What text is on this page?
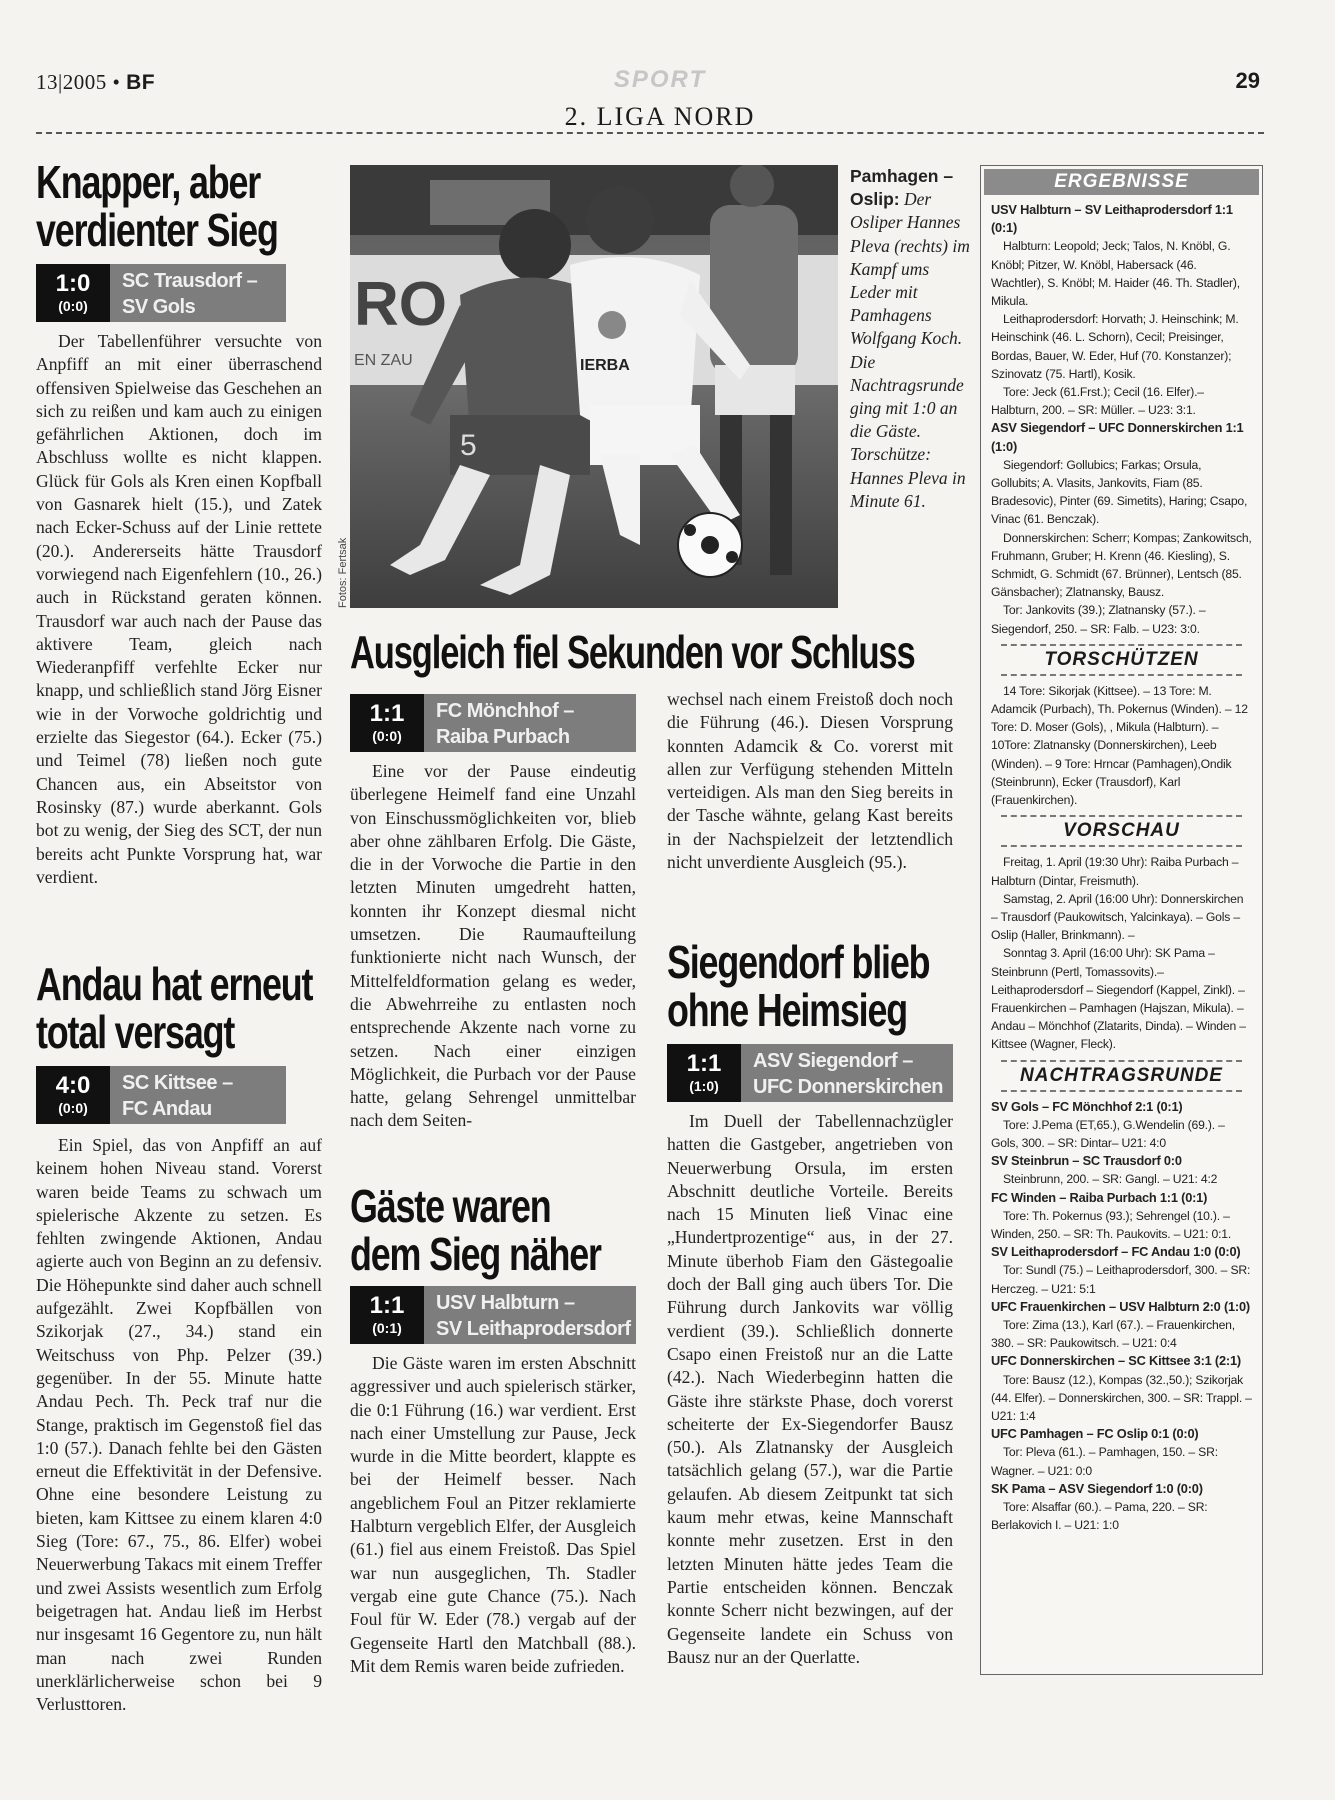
13|2005 • BF	SPORT	29
2. LIGA NORD
Knapper, aber
verdienter Sieg
1:0
(0:0)
SC Trausdorf –
SV Gols

Der Tabellenführer versuchte von Anpfiff an mit einer überraschend offensiven Spielweise das Geschehen an sich zu reißen und kam auch zu einigen gefährlichen Aktionen, doch im Abschluss wollte es nicht klappen. Glück für Gols als Kren einen Kopfball von Gasnarek hielt (15.), und Zatek nach Ecker-Schuss auf der Linie rettete (20.). Andererseits hätte Trausdorf vorwiegend nach Eigenfehlern (10., 26.) auch in Rückstand geraten können. Trausdorf war auch nach der Pause das aktivere Team, gleich nach Wiederanpfiff verfehlte Ecker nur knapp, und schließlich stand Jörg Eisner wie in der Vorwoche goldrichtig und erzielte das Siegestor (64.). Ecker (75.) und Teimel (78) ließen noch gute Chancen aus, ein Abseitstor von Rosinsky (87.) wurde aberkannt. Gols bot zu wenig, der Sieg des SCT, der nun bereits acht Punkte Vorsprung hat, war verdient.

Andau hat erneut
total versagt
4:0
(0:0)
SC Kittsee –
FC Andau

Ein Spiel, das von Anpfiff an auf keinem hohen Niveau stand. Vorerst waren beide Teams zu schwach um spielerische Akzente zu setzen. Es fehlten zwingende Aktionen, Andau agierte auch von Beginn an zu defensiv. Die Höhepunkte sind daher auch schnell aufgezählt. Zwei Kopfbällen von Szikorjak (27., 34.) stand ein Weitschuss von Php. Pelzer (39.) gegenüber. In der 55. Minute hatte Andau Pech. Th. Peck traf nur die Stange, praktisch im Gegenstoß fiel das 1:0 (57.). Danach fehlte bei den Gästen erneut die Effektivität in der Defensive. Ohne eine besondere Leistung zu bieten, kam Kittsee zu einem klaren 4:0 Sieg (Tore: 67., 75., 86. Elfer) wobei Neuerwerbung Takacs mit einem Treffer und zwei Assists wesentlich zum Erfolg beigetragen hat. Andau ließ im Herbst nur insgesamt 16 Gegentore zu, nun hält man nach zwei Runden unerklärlicherweise schon bei 9 Verlusttoren.

RO
EN ZAU
5
IERBA
Fotos: Fertsak
Pamhagen – Oslip: Der Osliper Hannes Pleva (rechts) im Kampf ums Leder mit Pamhagens Wolfgang Koch. Die Nachtragsrunde ging mit 1:0 an die Gäste. Torschütze: Hannes Pleva in Minute 61.
Ausgleich fiel Sekunden vor Schluss
1:1
(0:0)
FC Mönchhof –
Raiba Purbach

Eine vor der Pause eindeutig überlegene Heimelf fand eine Unzahl von Einschussmöglichkeiten vor, blieb aber ohne zählbaren Erfolg. Die Gäste, die in der Vorwoche die Partie in den letzten Minuten umgedreht hatten, konnten ihr Konzept diesmal nicht umsetzen. Die Raumaufteilung funktionierte nicht nach Wunsch, der Mittelfeldformation gelang es weder, die Abwehrreihe zu entlasten noch entsprechende Akzente nach vorne zu setzen. Nach einer einzigen Möglichkeit, die Purbach vor der Pause hatte, gelang Sehrengel unmittelbar nach dem Seiten-

wechsel nach einem Freistoß doch noch die Führung (46.). Diesen Vorsprung konnten Adamcik & Co. vorerst mit allen zur Verfügung stehenden Mitteln verteidigen. Als man den Sieg bereits in der Tasche wähnte, gelang Kast bereits in der Nachspielzeit der letztendlich nicht unverdiente Ausgleich (95.).

Gäste waren
dem Sieg näher
1:1
(0:1)
USV Halbturn –
SV Leithaprodersdorf

Die Gäste waren im ersten Abschnitt aggressiver und auch spielerisch stärker, die 0:1 Führung (16.) war verdient. Erst nach einer Umstellung zur Pause, Jeck wurde in die Mitte beordert, klappte es bei der Heimelf besser. Nach angeblichem Foul an Pitzer reklamierte Halbturn vergeblich Elfer, der Ausgleich (61.) fiel aus einem Freistoß. Das Spiel war nun ausgeglichen, Th. Stadler vergab eine gute Chance (75.). Nach Foul für W. Eder (78.) vergab auf der Gegenseite Hartl den Matchball (88.). Mit dem Remis waren beide zufrieden.

Siegendorf blieb
ohne Heimsieg
1:1
(1:0)
ASV Siegendorf –
UFC Donnerskirchen

Im Duell der Tabellennachzügler hatten die Gastgeber, angetrieben von Neuerwerbung Orsula, im ersten Abschnitt deutliche Vorteile. Bereits nach 15 Minuten ließ Vinac eine „Hundertprozentige“ aus, in der 27. Minute überhob Fiam den Gästegoalie doch der Ball ging auch übers Tor. Die Führung durch Jankovits war völlig verdient (39.). Schließlich donnerte Csapo einen Freistoß nur an die Latte (42.). Nach Wiederbeginn hatten die Gäste ihre stärkste Phase, doch vorerst scheiterte der Ex-Siegendorfer Bausz (50.). Als Zlatnansky der Ausgleich tatsächlich gelang (57.), war die Partie gelaufen. Ab diesem Zeitpunkt tat sich kaum mehr etwas, keine Mannschaft konnte mehr zusetzen. Erst in den letzten Minuten hätte jedes Team die Partie entscheiden können. Benczak konnte Scherr nicht bezwingen, auf der Gegenseite landete ein Schuss von Bausz nur an der Querlatte.

ERGEBNISSE
USV Halbturn – SV Leithaprodersdorf 1:1 (0:1)

Halbturn: Leopold; Jeck; Talos, N. Knöbl, G. Knöbl; Pitzer, W. Knöbl, Habersack (46. Wachtler), S. Knöbl; M. Haider (46. Th. Stadler), Mikula.

Leithaprodersdorf: Horvath; J. Heinschink; M. Heinschink (46. L. Schorn), Cecil; Preisinger, Bordas, Bauer, W. Eder, Huf (70. Konstanzer); Szinovatz (75. Hartl), Kosik.

Tore: Jeck (61.Frst.); Cecil (16. Elfer).– Halbturn, 200. – SR: Müller. – U23: 3:1.

ASV Siegendorf – UFC Donnerskirchen 1:1 (1:0)

Siegendorf: Gollubics; Farkas; Orsula, Gollubits; A. Vlasits, Jankovits, Fiam (85. Bradesovic), Pinter (69. Simetits), Haring; Csapo, Vinac (61. Benczak).

Donnerskirchen: Scherr; Kompas; Zankowitsch, Fruhmann, Gruber; H. Krenn (46. Kiesling), S. Schmidt, G. Schmidt (67. Brünner), Lentsch (85. Gänsbacher); Zlatnansky, Bausz.

Tor: Jankovits (39.); Zlatnansky (57.). – Siegendorf, 250. – SR: Falb. – U23: 3:0.

TORSCHÜTZEN

14 Tore: Sikorjak (Kittsee). – 13 Tore: M. Adamcik (Purbach), Th. Pokernus (Winden). – 12 Tore: D. Moser (Gols), , Mikula (Halbturn). – 10Tore: Zlatnansky (Donnerskirchen), Leeb (Winden). – 9 Tore: Hrncar (Pamhagen),Ondik (Steinbrunn), Ecker (Trausdorf), Karl (Frauenkirchen).

VORSCHAU

Freitag, 1. April (19:30 Uhr): Raiba Purbach – Halbturn (Dintar, Freismuth).

Samstag, 2. April (16:00 Uhr): Donnerskirchen – Trausdorf (Paukowitsch, Yalcinkaya). – Gols – Oslip (Haller, Brinkmann). –

Sonntag 3. April (16:00 Uhr): SK Pama – Steinbrunn (Pertl, Tomassovits).– Leithaprodersdorf – Siegendorf (Kappel, Zinkl). – Frauenkirchen – Pamhagen (Hajszan, Mikula). – Andau – Mönchhof (Zlatarits, Dinda). – Winden – Kittsee (Wagner, Fleck).

NACHTRAGSRUNDE
SV Gols – FC Mönchhof 2:1 (0:1)

Tore: J.Pema (ET,65.), G.Wendelin (69.). – Gols, 300. – SR: Dintar– U21: 4:0

SV Steinbrun – SC Trausdorf 0:0

Steinbrunn, 200. – SR: Gangl. – U21: 4:2

FC Winden – Raiba Purbach 1:1 (0:1)

Tore: Th. Pokernus (93.); Sehrengel (10.). – Winden, 250. – SR: Th. Paukovits. – U21: 0:1.

SV Leithaprodersdorf – FC Andau 1:0 (0:0)

Tor: Sundl (75.) – Leithaprodersdorf, 300. – SR: Herczeg. – U21: 5:1

UFC Frauenkirchen – USV Halbturn 2:0 (1:0)

Tore: Zima (13.), Karl (67.). – Frauenkirchen, 380. – SR: Paukowitsch. – U21: 0:4

UFC Donnerskirchen – SC Kittsee 3:1 (2:1)

Tore: Bausz (12.), Kompas (32.,50.); Szikorjak (44. Elfer). – Donnerskirchen, 300. – SR: Trappl. – U21: 1:4

UFC Pamhagen – FC Oslip 0:1 (0:0)

Tor: Pleva (61.). – Pamhagen, 150. – SR: Wagner. – U21: 0:0

SK Pama – ASV Siegendorf 1:0 (0:0)

Tore: Alsaffar (60.). – Pama, 220. – SR: Berlakovich I. – U21: 1:0
